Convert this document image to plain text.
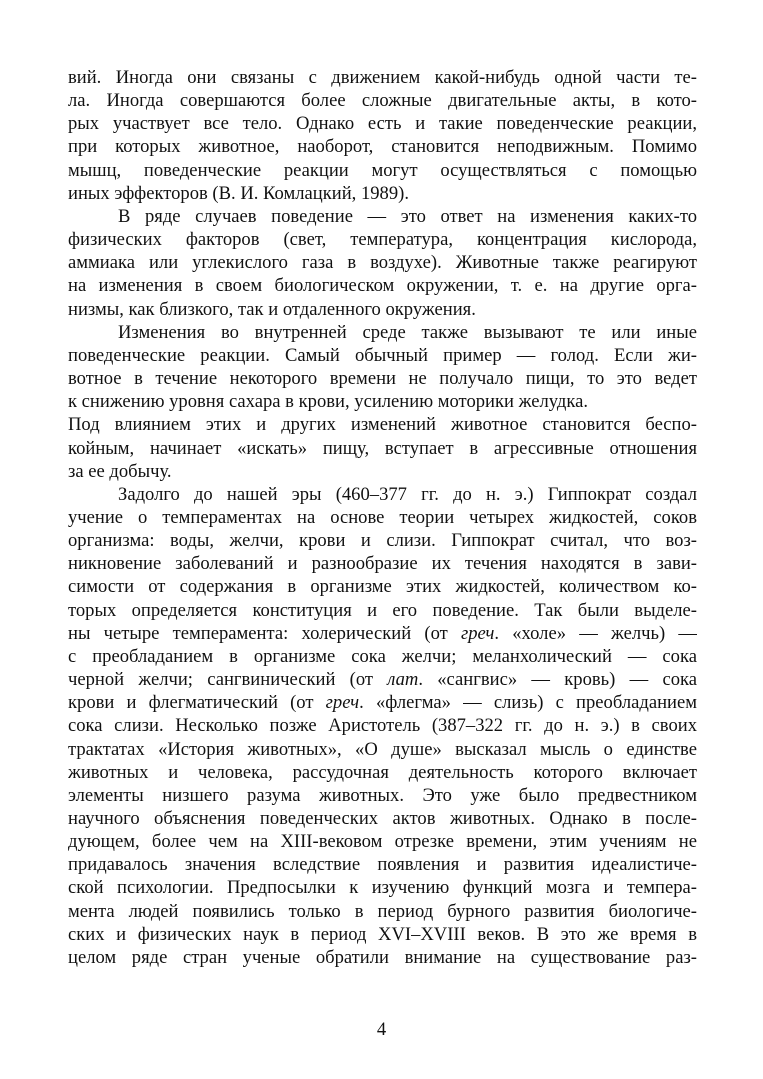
вий. Иногда они связаны с движением какой-нибудь одной части те-
ла. Иногда совершаются более сложные двигательные акты, в кото-
рых участвует все тело. Однако есть и такие поведенческие реакции,
при которых животное, наоборот, становится неподвижным. Помимо
мышц, поведенческие реакции могут осуществляться с помощью
иных эффекторов (В. И. Комлацкий, 1989).
В ряде случаев поведение — это ответ на изменения каких-то
физических факторов (свет, температура, концентрация кислорода,
аммиака или углекислого газа в воздухе). Животные также реагируют
на изменения в своем биологическом окружении, т. е. на другие орга-
низмы, как близкого, так и отдаленного окружения.
Изменения во внутренней среде также вызывают те или иные
поведенческие реакции. Самый обычный пример — голод. Если жи-
вотное в течение некоторого времени не получало пищи, то это ведет
к снижению уровня сахара в крови, усилению моторики желудка.
Под влиянием этих и других изменений животное становится беспо-
койным, начинает «искать» пищу, вступает в агрессивные отношения
за ее добычу.
Задолго до нашей эры (460–377 гг. до н. э.) Гиппократ создал
учение о темпераментах на основе теории четырех жидкостей, соков
организма: воды, желчи, крови и слизи. Гиппократ считал, что воз-
никновение заболеваний и разнообразие их течения находятся в зави-
симости от содержания в организме этих жидкостей, количеством ко-
торых определяется конституция и его поведение. Так были выделе-
ны четыре темперамента: холерический (от греч. «холе» — желчь) —
с преобладанием в организме сока желчи; меланхолический — сока
черной желчи; сангвинический (от лат. «сангвис» — кровь) — сока
крови и флегматический (от греч. «флегма» — слизь) с преобладанием
сока слизи. Несколько позже Аристотель (387–322 гг. до н. э.) в своих
трактатах «История животных», «О душе» высказал мысль о единстве
животных и человека, рассудочная деятельность которого включает
элементы низшего разума животных. Это уже было предвестником
научного объяснения поведенческих актов животных. Однако в после-
дующем, более чем на XIII-вековом отрезке времени, этим учениям не
придавалось значения вследствие появления и развития идеалистиче-
ской психологии. Предпосылки к изучению функций мозга и темпера-
мента людей появились только в период бурного развития биологиче-
ских и физических наук в период XVI–XVIII веков. В это же время в
целом ряде стран ученые обратили внимание на существование раз-
4
